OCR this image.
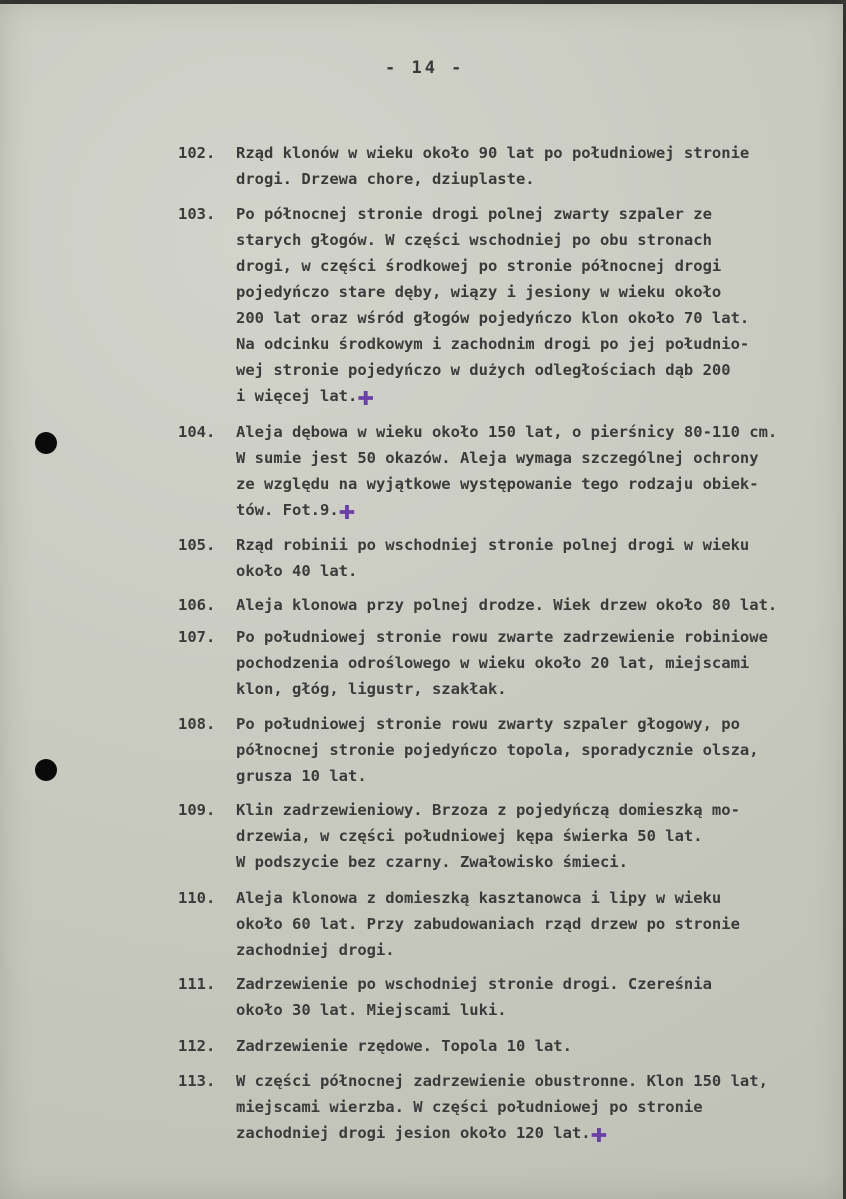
- 14 -
102. Rząd klonów w wieku około 90 lat po południowej stronie
drogi. Drzewa chore, dziuplaste.
103. Po północnej stronie drogi polnej zwarty szpaler ze
starych głogów. W części wschodniej po obu stronach
drogi, w części środkowej po stronie północnej drogi
pojedyńczo stare dęby, wiązy i jesiony w wieku około
200 lat oraz wśród głogów pojedyńczo klon około 70 lat.
Na odcinku środkowym i zachodnim drogi po jej południo-
wej stronie pojedyńczo w dużych odległościach dąb 200
i więcej lat.✚
104. Aleja dębowa w wieku około 150 lat, o pierśnicy 80-110 cm.
W sumie jest 50 okazów. Aleja wymaga szczególnej ochrony
ze względu na wyjątkowe występowanie tego rodzaju obiek-
tów. Fot.9.✚
105. Rząd robinii po wschodniej stronie polnej drogi w wieku
około 40 lat.
106. Aleja klonowa przy polnej drodze. Wiek drzew około 80 lat.
107. Po południowej stronie rowu zwarte zadrzewienie robiniowe
pochodzenia odroślowego w wieku około 20 lat, miejscami
klon, głóg, ligustr, szakłak.
108. Po południowej stronie rowu zwarty szpaler głogowy, po
północnej stronie pojedyńczo topola, sporadycznie olsza,
grusza 10 lat.
109. Klin zadrzewieniowy. Brzoza z pojedyńczą domieszką mo-
drzewia, w części południowej kępa świerka 50 lat.
W podszycie bez czarny. Zwałowisko śmieci.
110. Aleja klonowa z domieszką kasztanowca i lipy w wieku
około 60 lat. Przy zabudowaniach rząd drzew po stronie
zachodniej drogi.
111. Zadrzewienie po wschodniej stronie drogi. Czereśnia
około 30 lat. Miejscami luki.
112. Zadrzewienie rzędowe. Topola 10 lat.
113. W części północnej zadrzewienie obustronne. Klon 150 lat,
miejscami wierzba. W części południowej po stronie
zachodniej drogi jesion około 120 lat.✚
